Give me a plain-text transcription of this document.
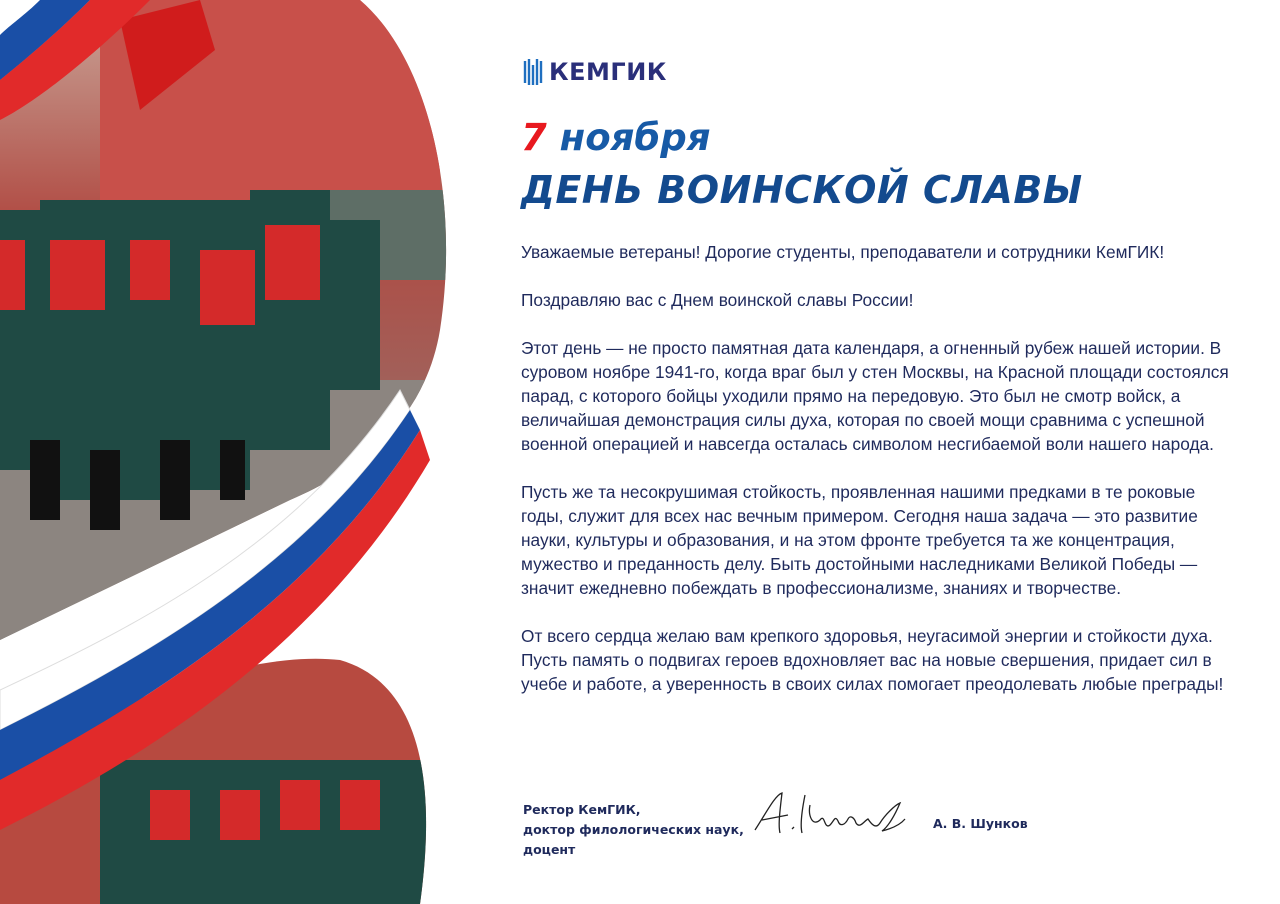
КЕМГИК
7 ноября
ДЕНЬ ВОИНСКОЙ СЛАВЫ

Уважаемые ветераны! Дорогие студенты, преподаватели и сотрудники КемГИК!

Поздравляю вас с Днем воинской славы России!

Этот день — не просто памятная дата календаря, а огненный рубеж нашей истории. В суровом ноябре 1941-го, когда враг был у стен Москвы, на Красной площади состоялся парад, с которого бойцы уходили прямо на передовую. Это был не смотр войск, а величайшая демонстрация силы духа, которая по своей мощи сравнима с успешной военной операцией и навсегда осталась символом несгибаемой воли нашего народа.

Пусть же та несокрушимая стойкость, проявленная нашими предками в те роковые годы, служит для всех нас вечным примером. Сегодня наша задача — это развитие науки, культуры и образования, и на этом фронте требуется та же концентрация, мужество и преданность делу. Быть достойными наследниками Великой Победы — значит ежедневно побеждать в профессионализме, знаниях и творчестве.

От всего сердца желаю вам крепкого здоровья, неугасимой энергии и стойкости духа. Пусть память о подвигах героев вдохновляет вас на новые свершения, придает сил в учебе и работе, а уверенность в своих силах помогает преодолевать любые преграды!

Ректор КемГИК,
доктор филологических наук,
доцент
А. В. Шунков
